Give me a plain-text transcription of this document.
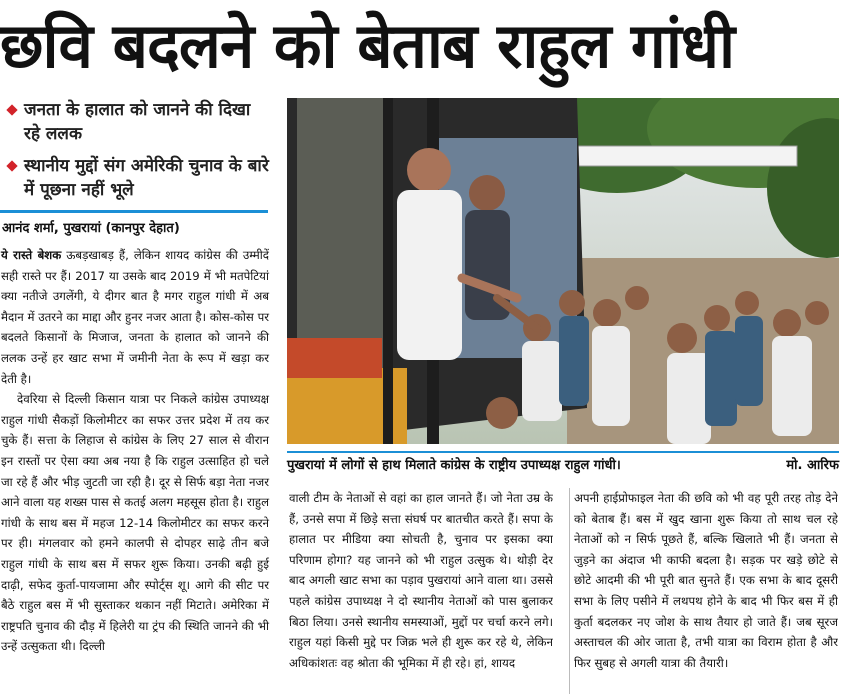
छवि बदलने को बेताब राहुल गांधी
जनता के हालात को जानने की दिखा रहे ललक
स्थानीय मुद्दों संग अमेरिकी चुनाव के बारे में पूछना नहीं भूले
आनंद शर्मा, पुखरायां (कानपुर देहात)

ये रास्ते बेशक ऊबड़खाबड़ हैं, लेकिन शायद कांग्रेस की उम्मीदें सही रास्ते पर हैं। 2017 या उसके बाद 2019 में भी मतपेटियां क्या नतीजे उगलेंगी, ये दीगर बात है मगर राहुल गांधी में अब मैदान में उतरने का माद्दा और हुनर नजर आता है। कोस-कोस पर बदलते किसानों के मिजाज, जनता के हालात को जानने की ललक उन्हें हर खाट सभा में जमीनी नेता के रूप में खड़ा कर देती है।

देवरिया से दिल्ली किसान यात्रा पर निकले कांग्रेस उपाध्यक्ष राहुल गांधी सैकड़ों किलोमीटर का सफर उत्तर प्रदेश में तय कर चुके हैं। सत्ता के लिहाज से कांग्रेस के लिए 27 साल से वीरान इन रास्तों पर ऐसा क्या अब नया है कि राहुल उत्साहित हो चले जा रहे हैं और भीड़ जुटती जा रही है। दूर से सिर्फ बड़ा नेता नजर आने वाला यह शख्स पास से कतई अलग महसूस होता है। राहुल गांधी के साथ बस में महज 12-14 किलोमीटर का सफर करने पर ही। मंगलवार को हमने कालपी से दोपहर साढ़े तीन बजे राहुल गांधी के साथ बस में सफर शुरू किया। उनकी बढ़ी हुई दाढ़ी, सफेद कुर्ता-पायजामा और स्पोर्ट्स शू। आगे की सीट पर बैठे राहुल बस में भी सुस्ताकर थकान नहीं मिटाते। अमेरिका में राष्ट्रपति चुनाव की दौड़ में हिलेरी या ट्रंप की स्थिति जानने की भी उन्हें उत्सुकता थी। दिल्ली

पुखरायां में लोगों से हाथ मिलाते कांग्रेस के राष्ट्रीय उपाध्यक्ष राहुल गांधी।	मो. आरिफ
वाली टीम के नेताओं से वहां का हाल जानते हैं। जो नेता उम्र के हैं, उनसे सपा में छिड़े सत्ता संघर्ष पर बातचीत करते हैं। सपा के हालात पर मीडिया क्या सोचती है, चुनाव पर इसका क्या परिणाम होगा? यह जानने को भी राहुल उत्सुक थे। थोड़ी देर बाद अगली खाट सभा का पड़ाव पुखरायां आने वाला था। उससे पहले कांग्रेस उपाध्यक्ष ने दो स्थानीय नेताओं को पास बुलाकर बिठा लिया। उनसे स्थानीय समस्याओं, मुद्दों पर चर्चा करने लगे। राहुल यहां किसी मुद्दे पर जिक्र भले ही शुरू कर रहे थे, लेकिन अधिकांशतः वह श्रोता की भूमिका में ही रहे। हां, शायद
अपनी हाईप्रोफाइल नेता की छवि को भी वह पूरी तरह तोड़ देने को बेताब हैं। बस में खुद खाना शुरू किया तो साथ चल रहे नेताओं को न सिर्फ पूछते हैं, बल्कि खिलाते भी हैं। जनता से जुड़ने का अंदाज भी काफी बदला है। सड़क पर खड़े छोटे से छोटे आदमी की भी पूरी बात सुनते हैं। एक सभा के बाद दूसरी सभा के लिए पसीने में लथपथ होने के बाद भी फिर बस में ही कुर्ता बदलकर नए जोश के साथ तैयार हो जाते हैं। जब सूरज अस्ताचल की ओर जाता है, तभी यात्रा का विराम होता है और फिर सुबह से अगली यात्रा की तैयारी।
